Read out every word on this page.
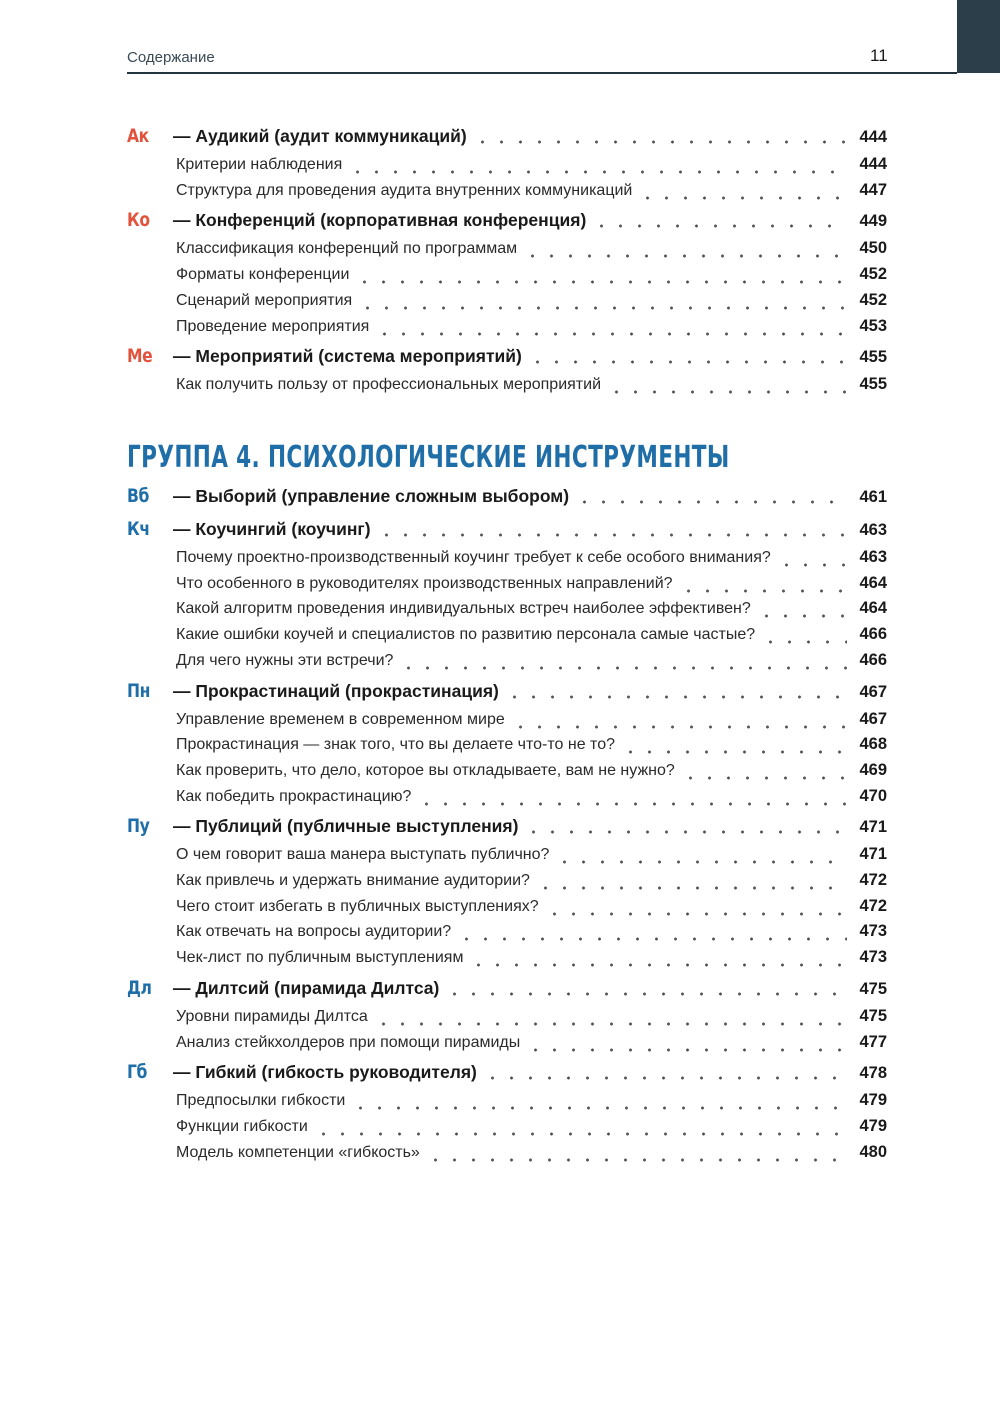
Содержание	11
Ак	— Аудикий (аудит коммуникаций)	444
Критерии наблюдения	444
Структура для проведения аудита внутренних коммуникаций	447
Ко	— Конференций (корпоративная конференция)	449
Классификация конференций по программам	450
Форматы конференции	452
Сценарий мероприятия	452
Проведение мероприятия	453
Ме	— Мероприятий (система мероприятий)	455
Как получить пользу от профессиональных мероприятий	455
Вб	— Выборий (управление сложным выбором)	461
Кч	— Коучингий (коучинг)	463
Почему проектно-производственный коучинг требует к себе особого внимания?	463
Что особенного в руководителях производственных направлений?	464
Какой алгоритм проведения индивидуальных встреч наиболее эффективен?	464
Какие ошибки коучей и специалистов по развитию персонала самые частые?	466
Для чего нужны эти встречи?	466
Пн	— Прокрастинаций (прокрастинация)	467
Управление временем в современном мире	467
Прокрастинация — знак того, что вы делаете что-то не то?	468
Как проверить, что дело, которое вы откладываете, вам не нужно?	469
Как победить прокрастинацию?	470
Пу	— Публиций (публичные выступления)	471
О чем говорит ваша манера выступать публично?	471
Как привлечь и удержать внимание аудитории?	472
Чего стоит избегать в публичных выступлениях?	472
Как отвечать на вопросы аудитории?	473
Чек-лист по публичным выступлениям	473
Дл	— Дилтсий (пирамида Дилтса)	475
Уровни пирамиды Дилтса	475
Анализ стейкхолдеров при помощи пирамиды	477
Гб	— Гибкий (гибкость руководителя)	478
Предпосылки гибкости	479
Функции гибкости	479
Модель компетенции «гибкость»	480
ГРУППА 4. ПСИХОЛОГИЧЕСКИЕ ИНСТРУМЕНТЫ
